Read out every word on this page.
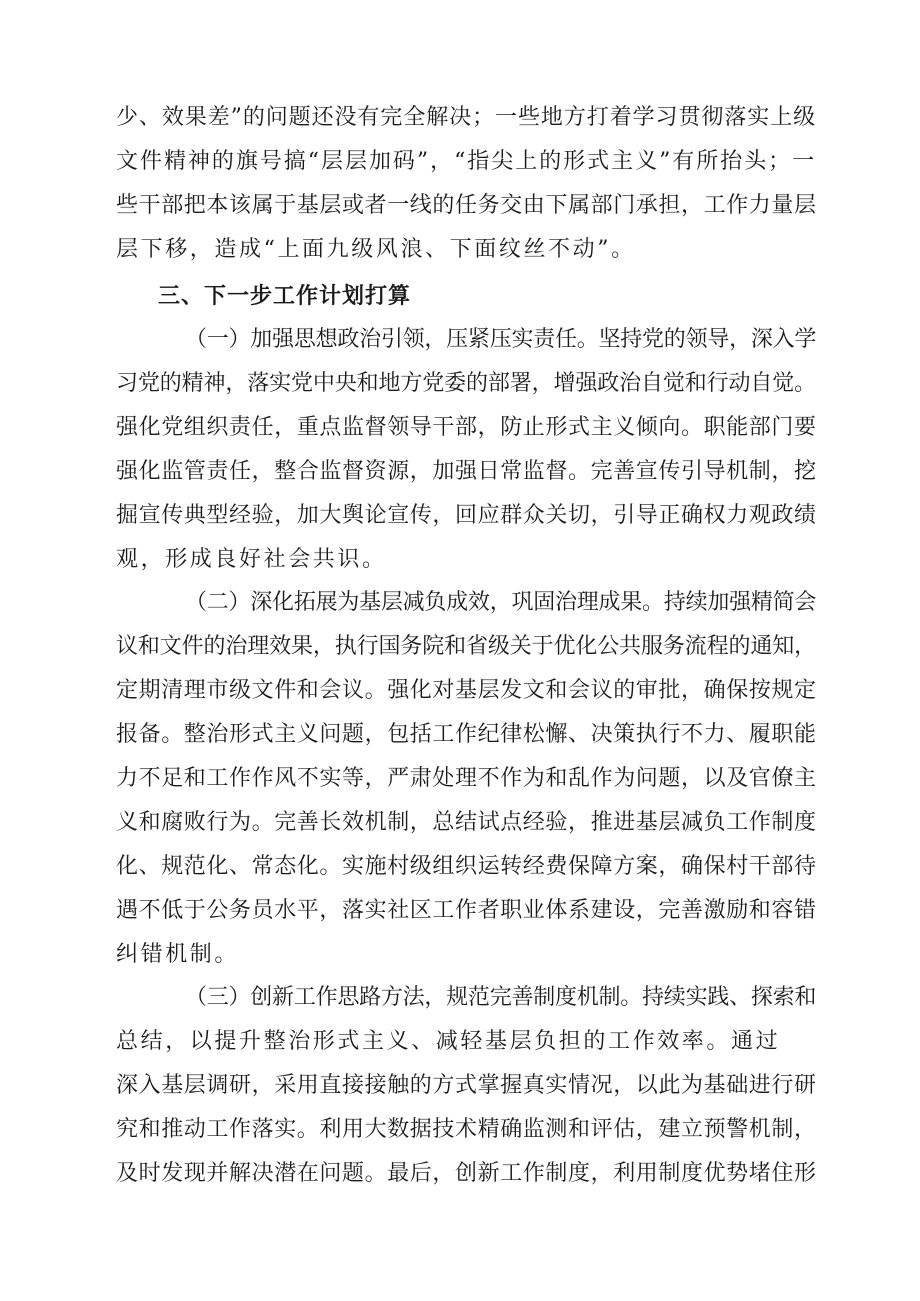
少、效果差”的问题还没有完全解决；一些地方打着学习贯彻落实上级
文件精神的旗号搞“层层加码”，“指尖上的形式主义”有所抬头；一
些干部把本该属于基层或者一线的任务交由下属部门承担，工作力量层
层下移，造成“上面九级风浪、下面纹丝不动”。
三、下一步工作计划打算
（一）加强思想政治引领，压紧压实责任。坚持党的领导，深入学
习党的精神，落实党中央和地方党委的部署，增强政治自觉和行动自觉。
强化党组织责任，重点监督领导干部，防止形式主义倾向。职能部门要
强化监管责任，整合监督资源，加强日常监督。完善宣传引导机制，挖
掘宣传典型经验，加大舆论宣传，回应群众关切，引导正确权力观政绩
观，形成良好社会共识。
（二）深化拓展为基层减负成效，巩固治理成果。持续加强精简会
议和文件的治理效果，执行国务院和省级关于优化公共服务流程的通知，
定期清理市级文件和会议。强化对基层发文和会议的审批，确保按规定
报备。整治形式主义问题，包括工作纪律松懈、决策执行不力、履职能
力不足和工作作风不实等，严肃处理不作为和乱作为问题，以及官僚主
义和腐败行为。完善长效机制，总结试点经验，推进基层减负工作制度
化、规范化、常态化。实施村级组织运转经费保障方案，确保村干部待
遇不低于公务员水平，落实社区工作者职业体系建设，完善激励和容错
纠错机制。
（三）创新工作思路方法，规范完善制度机制。持续实践、探索和
总结，以提升整治形式主义、减轻基层负担的工作效率。通过
深入基层调研，采用直接接触的方式掌握真实情况，以此为基础进行研
究和推动工作落实。利用大数据技术精确监测和评估，建立预警机制，
及时发现并解决潜在问题。最后，创新工作制度，利用制度优势堵住形
